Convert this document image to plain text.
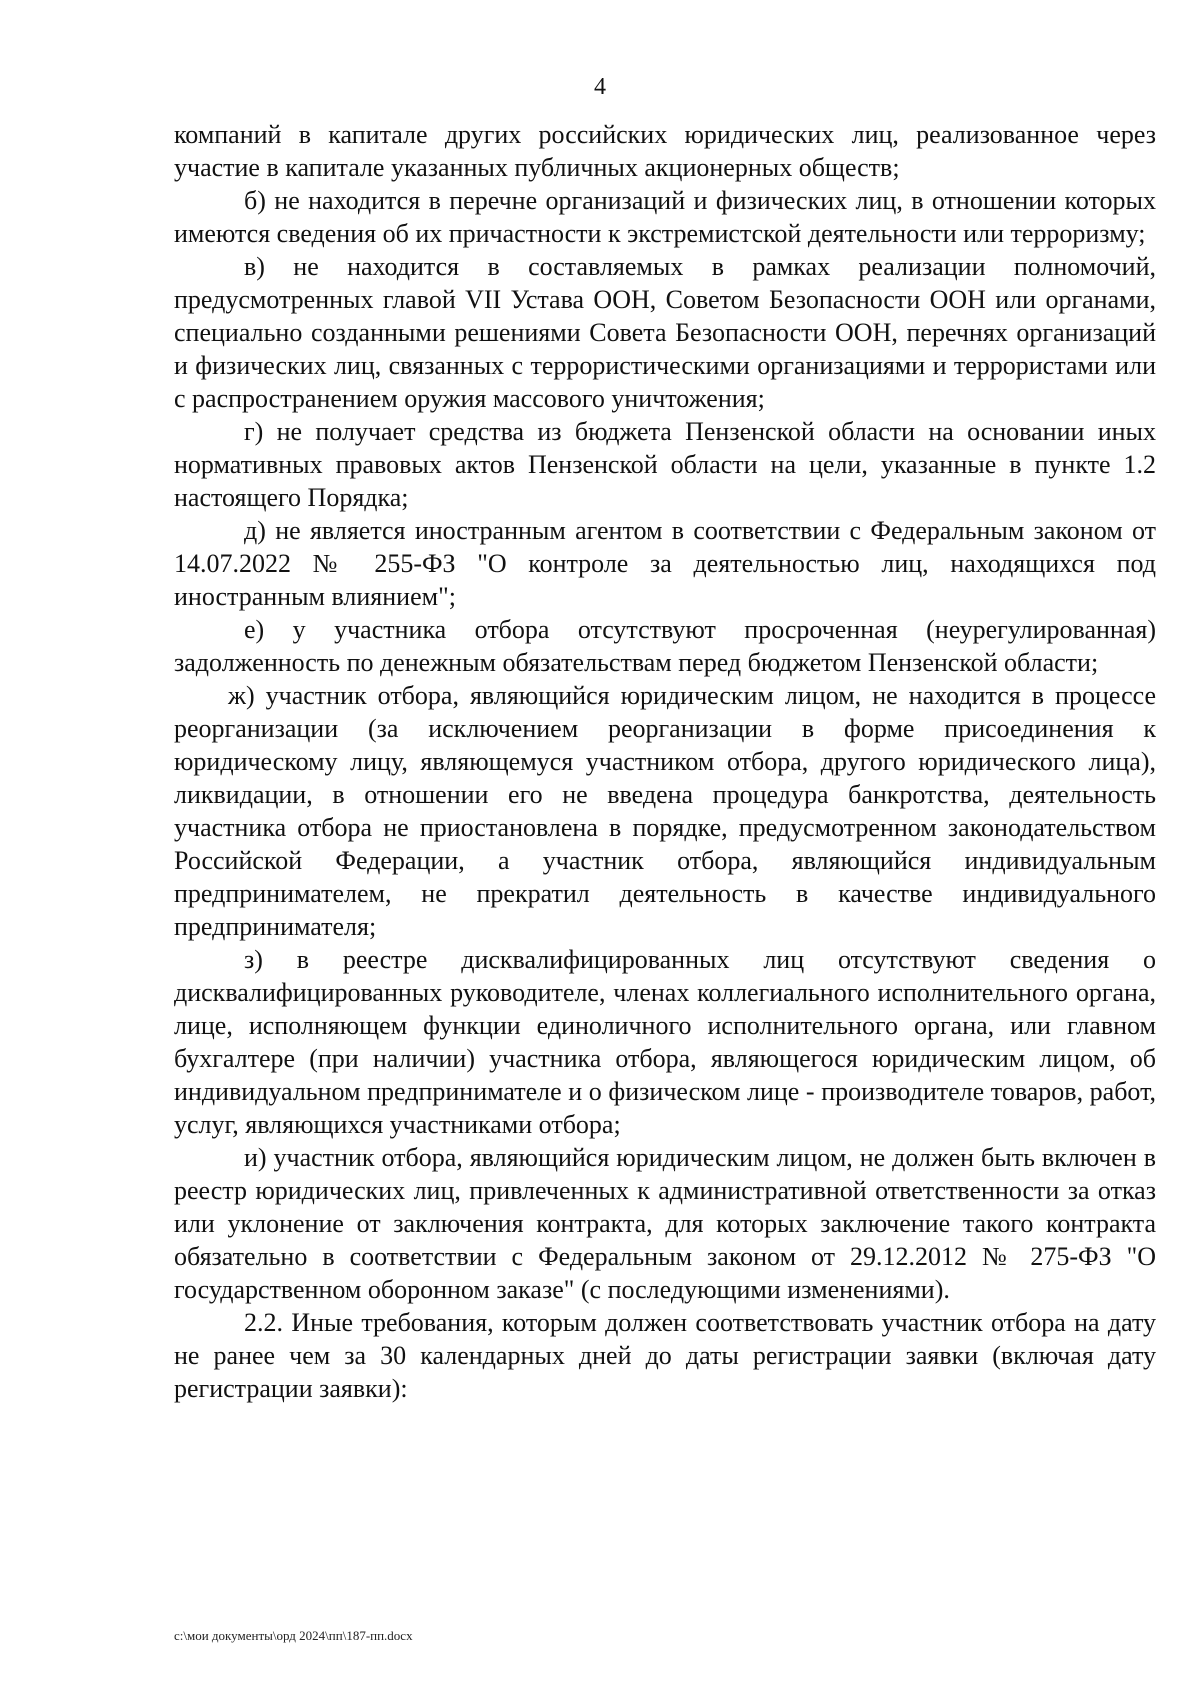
4

компаний в капитале других российских юридических лиц, реализованное через участие в капитале указанных публичных акционерных обществ;

б) не находится в перечне организаций и физических лиц, в отношении которых имеются сведения об их причастности к экстремистской деятельности или терроризму;

в) не находится в составляемых в рамках реализации полномочий, предусмотренных главой VII Устава ООН, Советом Безопасности ООН или органами, специально созданными решениями Совета Безопасности ООН, перечнях организаций и физических лиц, связанных с террористическими организациями и террористами или с распространением оружия массового уничтожения;

г) не получает средства из бюджета Пензенской области на основании иных нормативных правовых актов Пензенской области на цели, указанные в пункте 1.2 настоящего Порядка;

д) не является иностранным агентом в соответствии с Федеральным законом от 14.07.2022 № 255-ФЗ "О контроле за деятельностью лиц, находящихся под иностранным влиянием";

е) у участника отбора отсутствуют просроченная (неурегулированная) задолженность по денежным обязательствам перед бюджетом Пензенской области;

ж) участник отбора, являющийся юридическим лицом, не находится в процессе реорганизации (за исключением реорганизации в форме присоединения к юридическому лицу, являющемуся участником отбора, другого юридического лица), ликвидации, в отношении его не введена процедура банкротства, деятельность участника отбора не приостановлена в порядке, предусмотренном законодательством Российской Федерации, а участник отбора, являющийся индивидуальным предпринимателем, не прекратил деятельность в качестве индивидуального предпринимателя;

з) в реестре дисквалифицированных лиц отсутствуют сведения о дисквалифицированных руководителе, членах коллегиального исполнительного органа, лице, исполняющем функции единоличного исполнительного органа, или главном бухгалтере (при наличии) участника отбора, являющегося юридическим лицом, об индивидуальном предпринимателе и о физическом лице - производителе товаров, работ, услуг, являющихся участниками отбора;

и) участник отбора, являющийся юридическим лицом, не должен быть включен в реестр юридических лиц, привлеченных к административной ответственности за отказ или уклонение от заключения контракта, для которых заключение такого контракта обязательно в соответствии с Федеральным законом от 29.12.2012 № 275-ФЗ "О государственном оборонном заказе" (с последующими изменениями).

2.2. Иные требования, которым должен соответствовать участник отбора на дату не ранее чем за 30 календарных дней до даты регистрации заявки (включая дату регистрации заявки):

c:\мои документы\орд 2024\пп\187-пп.docx
